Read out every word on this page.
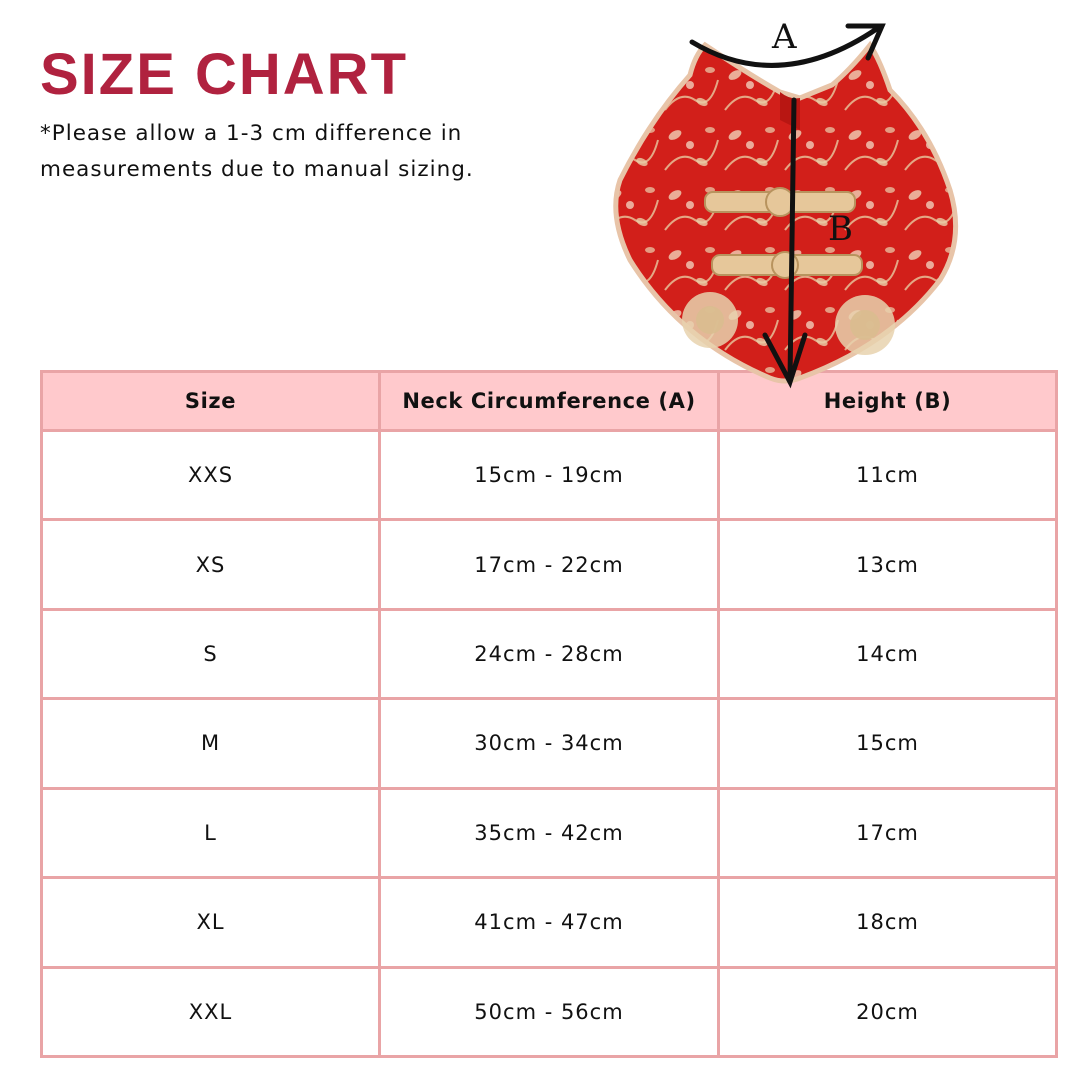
SIZE CHART

*Please allow a 1-3 cm difference in measurements due to manual sizing.

A
B
Size	Neck Circumference (A)	Height (B)
XXS	15cm - 19cm	11cm
XS	17cm - 22cm	13cm
S	24cm - 28cm	14cm
M	30cm - 34cm	15cm
L	35cm - 42cm	17cm
XL	41cm - 47cm	18cm
XXL	50cm - 56cm	20cm
